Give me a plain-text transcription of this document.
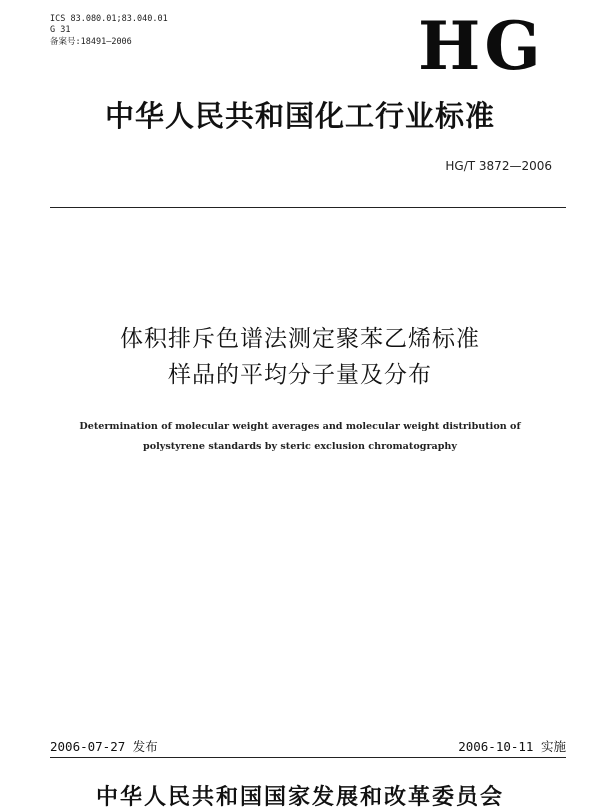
ICS 83.080.01;83.040.01
G 31
备案号:18491—2006	HG
中华人民共和国化工行业标准
HG/T 3872—2006
体积排斥色谱法测定聚苯乙烯标准
样品的平均分子量及分布
Determination of molecular weight averages and molecular weight distribution of
polystyrene standards by steric exclusion chromatography
2006-07-27 发布	2006-10-11 实施
中华人民共和国国家发展和改革委员会
